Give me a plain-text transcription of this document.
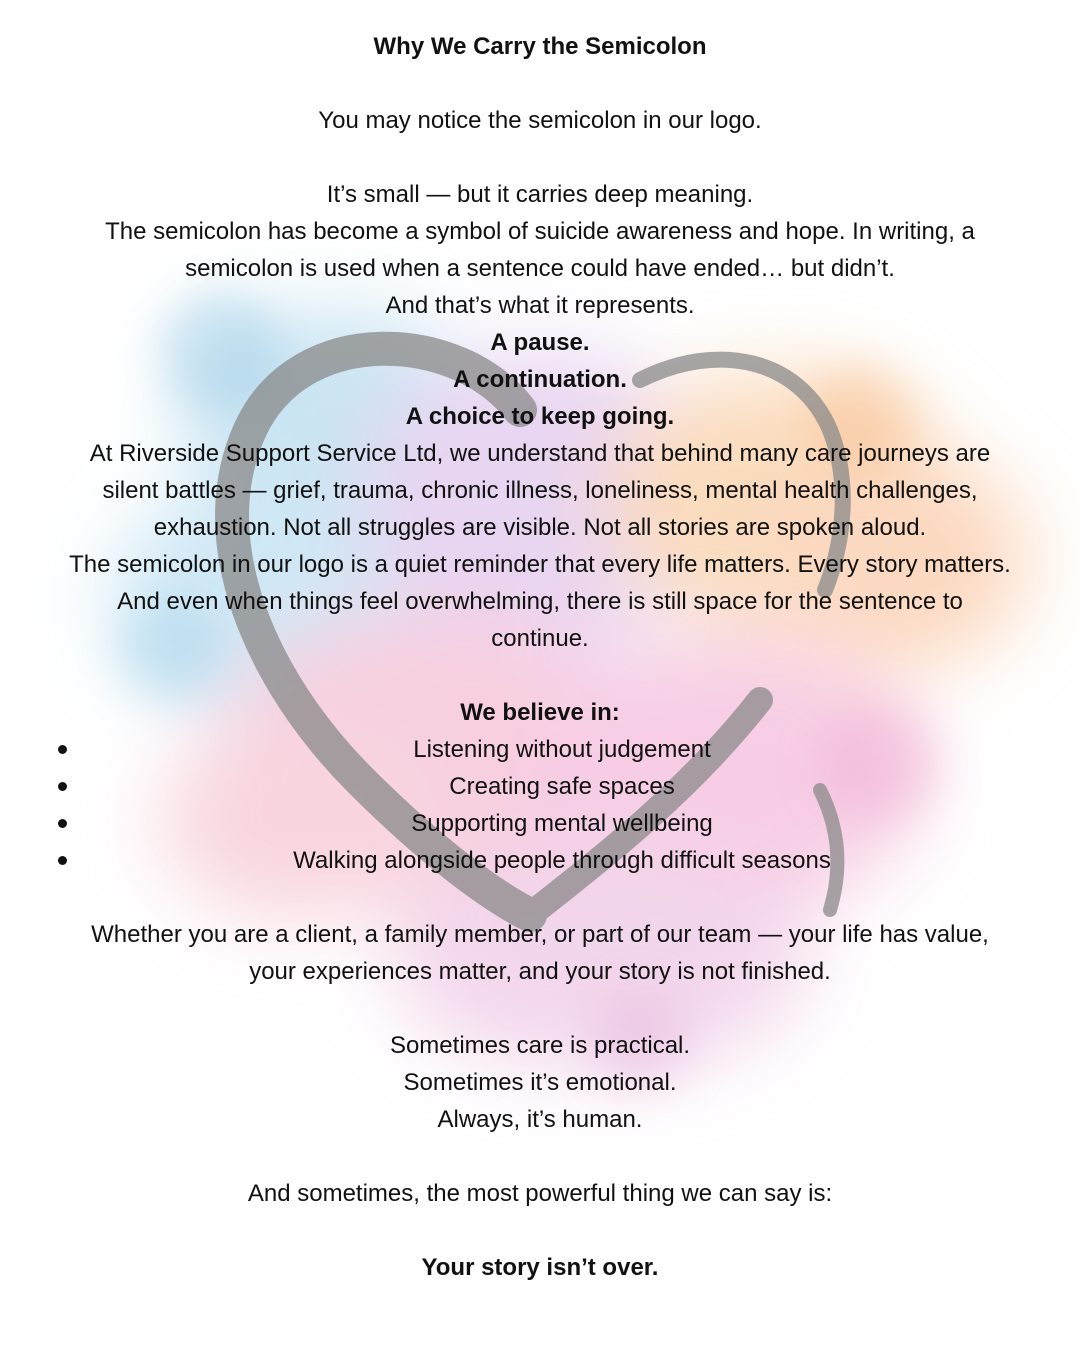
Why We Carry the Semicolon

You may notice the semicolon in our logo.

It’s small — but it carries deep meaning.

The semicolon has become a symbol of suicide awareness and hope. In writing, a

semicolon is used when a sentence could have ended… but didn’t.

And that’s what it represents.

A pause.

A continuation.

A choice to keep going.

At Riverside Support Service Ltd, we understand that behind many care journeys are

silent battles — grief, trauma, chronic illness, loneliness, mental health challenges,

exhaustion. Not all struggles are visible. Not all stories are spoken aloud.

The semicolon in our logo is a quiet reminder that every life matters. Every story matters.

And even when things feel overwhelming, there is still space for the sentence to

continue.

We believe in:

Listening without judgement
Creating safe spaces
Supporting mental wellbeing
Walking alongside people through difficult seasons

Whether you are a client, a family member, or part of our team — your life has value,

your experiences matter, and your story is not finished.

Sometimes care is practical.

Sometimes it’s emotional.

Always, it’s human.

And sometimes, the most powerful thing we can say is:

Your story isn’t over.
